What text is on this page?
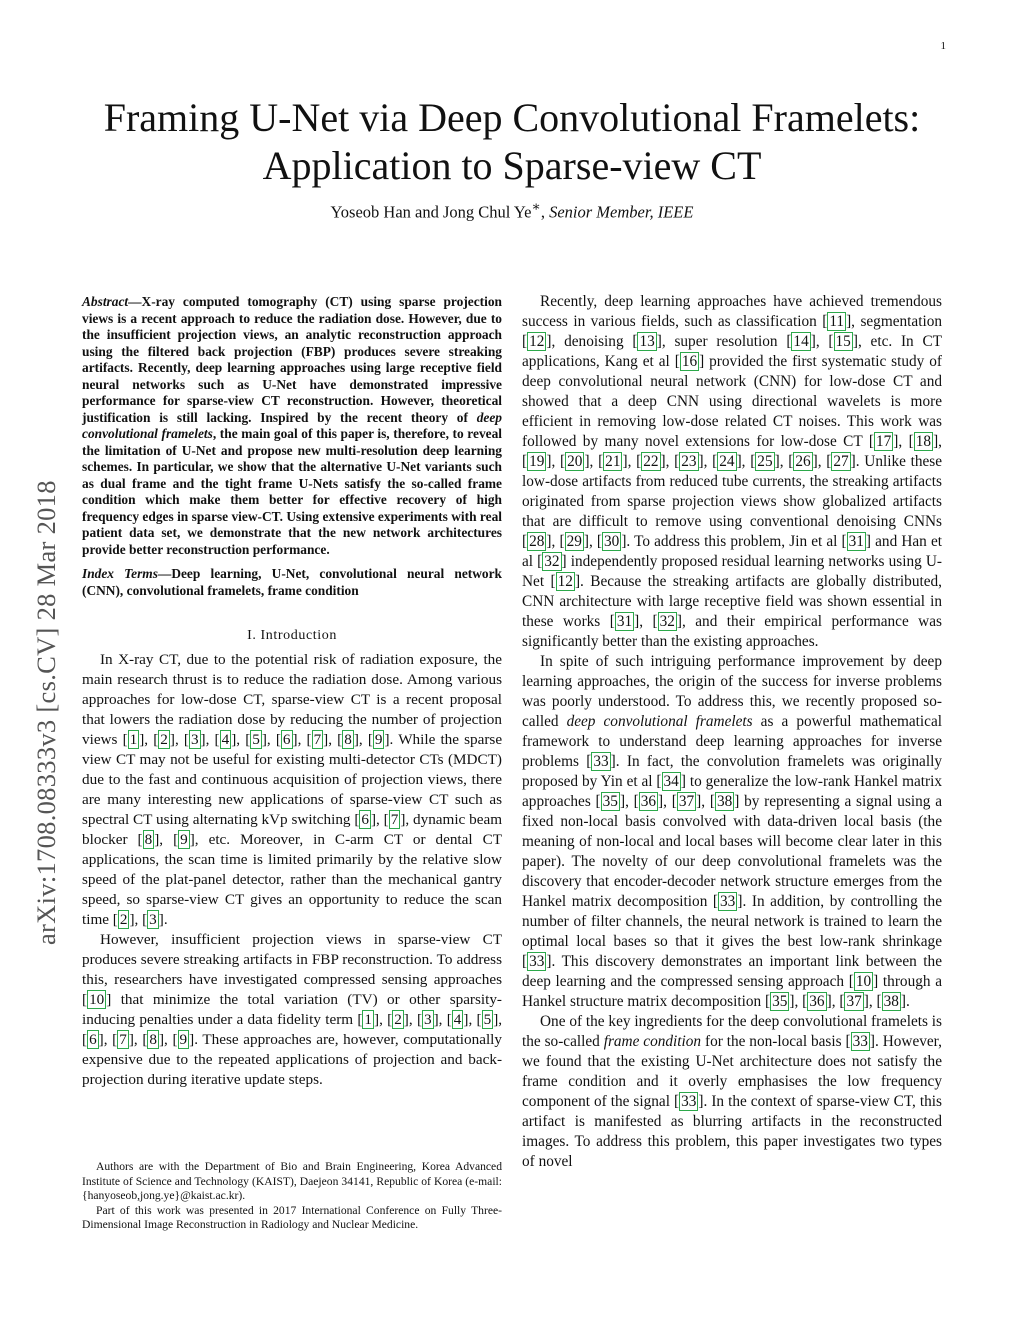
1
arXiv:1708.08333v3 [cs.CV] 28 Mar 2018
Framing U-Net via Deep Convolutional Framelets:
Application to Sparse-view CT
Yoseob Han and Jong Chul Ye∗, Senior Member, IEEE

Abstract—X-ray computed tomography (CT) using sparse projection views is a recent approach to reduce the radiation dose. However, due to the insufficient projection views, an analytic reconstruction approach using the filtered back projection (FBP) produces severe streaking artifacts. Recently, deep learning approaches using large receptive field neural networks such as U-Net have demonstrated impressive performance for sparse-view CT reconstruction. However, theoretical justification is still lacking. Inspired by the recent theory of deep convolutional framelets, the main goal of this paper is, therefore, to reveal the limitation of U-Net and propose new multi-resolution deep learning schemes. In particular, we show that the alternative U-Net variants such as dual frame and the tight frame U-Nets satisfy the so-called frame condition which make them better for effective recovery of high frequency edges in sparse view-CT. Using extensive experiments with real patient data set, we demonstrate that the new network architectures provide better reconstruction performance.

Index Terms—Deep learning, U-Net, convolutional neural network (CNN), convolutional framelets, frame condition

I. Introduction

In X-ray CT, due to the potential risk of radiation exposure, the main research thrust is to reduce the radiation dose. Among various approaches for low-dose CT, sparse-view CT is a recent proposal that lowers the radiation dose by reducing the number of projection views [ 1 ], [ 2 ], [ 3 ], [ 4 ], [ 5 ], [ 6 ], [ 7 ], [ 8 ], [ 9 ]. While the sparse view CT may not be useful for existing multi-detector CTs (MDCT) due to the fast and continuous acquisition of projection views, there are many interesting new applications of sparse-view CT such as spectral CT using alternating kVp switching [ 6 ], [ 7 ], dynamic beam blocker [ 8 ], [ 9 ], etc. Moreover, in C-arm CT or dental CT applications, the scan time is limited primarily by the relative slow speed of the plat-panel detector, rather than the mechanical gantry speed, so sparse-view CT gives an opportunity to reduce the scan time [ 2 ], [ 3 ].

However, insufficient projection views in sparse-view CT produces severe streaking artifacts in FBP reconstruction. To address this, researchers have investigated compressed sensing approaches [ 10 ] that minimize the total variation (TV) or other sparsity-inducing penalties under a data fidelity term [ 1 ], [ 2 ], [ 3 ], [ 4 ], [ 5 ], [ 6 ], [ 7 ], [ 8 ], [ 9 ]. These approaches are, however, computationally expensive due to the repeated applications of projection and back-projection during iterative update steps.

Authors are with the Department of Bio and Brain Engineering, Korea Advanced Institute of Science and Technology (KAIST), Daejeon 34141, Republic of Korea (e-mail: {hanyoseob,jong.ye}@kaist.ac.kr).

Part of this work was presented in 2017 International Conference on Fully Three-Dimensional Image Reconstruction in Radiology and Nuclear Medicine.

Recently, deep learning approaches have achieved tremendous success in various fields, such as classification [ 11 ], segmentation [ 12 ], denoising [ 13 ], super resolution [ 14 ], [ 15 ], etc. In CT applications, Kang et al [ 16 ] provided the first systematic study of deep convolutional neural network (CNN) for low-dose CT and showed that a deep CNN using directional wavelets is more efficient in removing low-dose related CT noises. This work was followed by many novel extensions for low-dose CT [ 17 ], [ 18 ], [ 19 ], [ 20 ], [ 21 ], [ 22 ], [ 23 ], [ 24 ], [ 25 ], [ 26 ], [ 27 ]. Unlike these low-dose artifacts from reduced tube currents, the streaking artifacts originated from sparse projection views show globalized artifacts that are difficult to remove using conventional denoising CNNs [ 28 ], [ 29 ], [ 30 ]. To address this problem, Jin et al [ 31 ] and Han et al [ 32 ] independently proposed residual learning networks using U-Net [ 12 ]. Because the streaking artifacts are globally distributed, CNN architecture with large receptive field was shown essential in these works [ 31 ], [ 32 ], and their empirical performance was significantly better than the existing approaches.

In spite of such intriguing performance improvement by deep learning approaches, the origin of the success for inverse problems was poorly understood. To address this, we recently proposed so-called deep convolutional framelets as a powerful mathematical framework to understand deep learning approaches for inverse problems [ 33 ]. In fact, the convolution framelets was originally proposed by Yin et al [ 34 ] to generalize the low-rank Hankel matrix approaches [ 35 ], [ 36 ], [ 37 ], [ 38 ] by representing a signal using a fixed non-local basis convolved with data-driven local basis (the meaning of non-local and local bases will become clear later in this paper). The novelty of our deep convolutional framelets was the discovery that encoder-decoder network structure emerges from the Hankel matrix decomposition [ 33 ]. In addition, by controlling the number of filter channels, the neural network is trained to learn the optimal local bases so that it gives the best low-rank shrinkage [ 33 ]. This discovery demonstrates an important link between the deep learning and the compressed sensing approach [ 10 ] through a Hankel structure matrix decomposition [ 35 ], [ 36 ], [ 37 ], [ 38 ].

One of the key ingredients for the deep convolutional framelets is the so-called frame condition for the non-local basis [ 33 ]. However, we found that the existing U-Net architecture does not satisfy the frame condition and it overly emphasises the low frequency component of the signal [ 33 ]. In the context of sparse-view CT, this artifact is manifested as blurring artifacts in the reconstructed images. To address this problem, this paper investigates two types of novel
